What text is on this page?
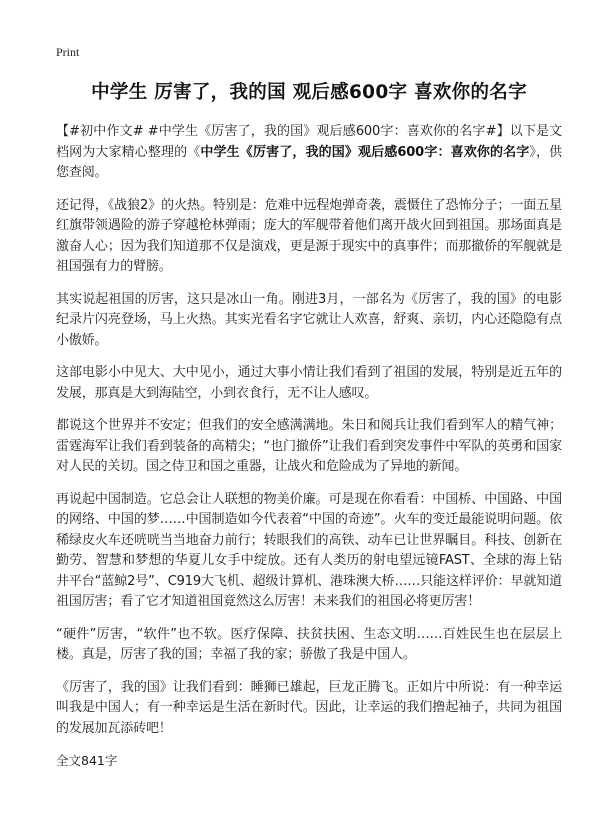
Print
中学生 厉害了，我的国 观后感600字 喜欢你的名字

【#初中作文# #中学生《厉害了，我的国》观后感600字：喜欢你的名字#】以下是文档网为大家精心整理的《中学生《厉害了，我的国》观后感600字：喜欢你的名字》，供您查阅。

还记得，《战狼2》的火热。特别是：危难中远程炮弹奇袭，震慑住了恐怖分子；一面五星红旗带领遇险的游子穿越枪林弹雨；庞大的军舰带着他们离开战火回到祖国。那场面真是激奋人心；因为我们知道那不仅是演戏，更是源于现实中的真事件；而那撤侨的军舰就是祖国强有力的臂膀。

其实说起祖国的厉害，这只是冰山一角。刚进3月，一部名为《厉害了，我的国》的电影纪录片闪亮登场，马上火热。其实光看名字它就让人欢喜，舒爽、亲切，内心还隐隐有点小傲娇。

这部电影小中见大、大中见小，通过大事小情让我们看到了祖国的发展，特别是近五年的发展，那真是大到海陆空，小到衣食行，无不让人感叹。

都说这个世界并不安定；但我们的安全感满满地。朱日和阅兵让我们看到军人的精气神；雷霆海军让我们看到装备的高精尖；“也门撤侨”让我们看到突发事件中军队的英勇和国家对人民的关切。国之侍卫和国之重器，让战火和危险成为了异地的新闻。

再说起中国制造。它总会让人联想的物美价廉。可是现在你看看：中国桥、中国路、中国的网络、中国的梦……中国制造如今代表着“中国的奇迹”。火车的变迁最能说明问题。依稀绿皮火车还咣咣当当地奋力前行；转眼我们的高铁、动车已让世界瞩目。科技、创新在勤劳、智慧和梦想的华夏儿女手中绽放。还有人类历的射电望远镜FAST、全球的海上钻井平台“蓝鲸2号”、C919大飞机、超级计算机、港珠澳大桥……只能这样评价：早就知道祖国厉害；看了它才知道祖国竟然这么厉害！未来我们的祖国必将更厉害！

“硬件”厉害，“软件”也不软。医疗保障、扶贫扶困、生态文明……百姓民生也在层层上楼。真是，厉害了我的国；幸福了我的家；骄傲了我是中国人。

《厉害了，我的国》让我们看到：睡狮已雄起，巨龙正腾飞。正如片中所说：有一种幸运叫我是中国人；有一种幸运是生活在新时代。因此，让幸运的我们撸起袖子，共同为祖国的发展加瓦添砖吧！

全文841字
